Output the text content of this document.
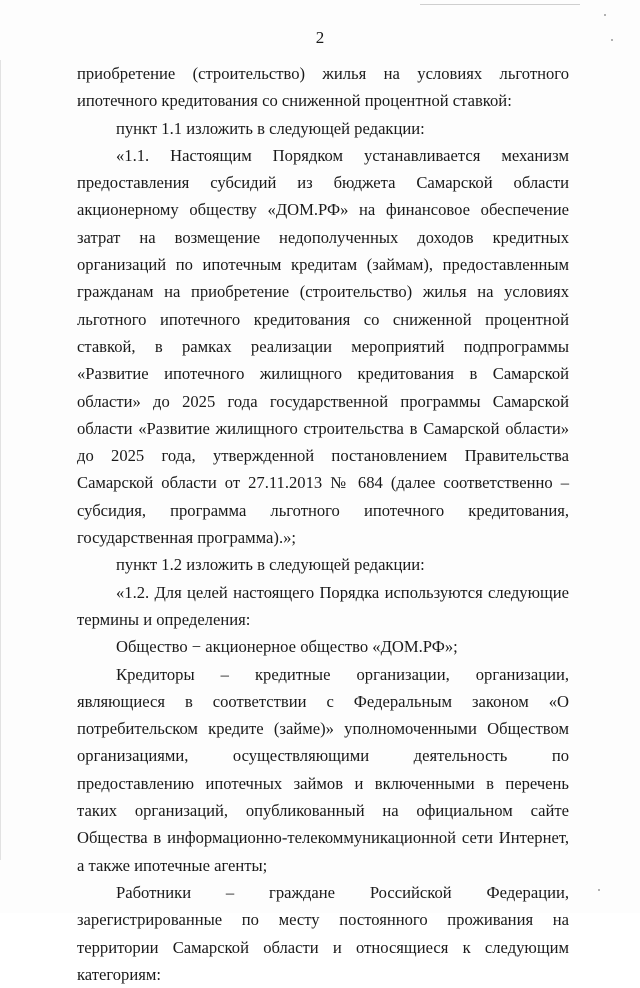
2

приобретение (строительство) жилья на условиях льготного ипотечного кредитования со сниженной процентной ставкой:

пункт 1.1 изложить в следующей редакции:

«1.1. Настоящим Порядком устанавливается механизм предоставления субсидий из бюджета Самарской области акционерному обществу «ДОМ.РФ» на финансовое обеспечение затрат на возмещение недополученных доходов кредитных организаций по ипотечным кредитам (займам), предоставленным гражданам на приобретение (строительство) жилья на условиях льготного ипотечного кредитования со сниженной процентной ставкой, в рамках реализации мероприятий подпрограммы «Развитие ипотечного жилищного кредитования в Самарской области» до 2025 года государственной программы Самарской области «Развитие жилищного строительства в Самарской области» до 2025 года, утвержденной постановлением Правительства Самарской области от 27.11.2013 № 684 (далее соответственно – субсидия, программа льготного ипотечного кредитования, государственная программа).»;

пункт 1.2 изложить в следующей редакции:

«1.2. Для целей настоящего Порядка используются следующие термины и определения:

Общество − акционерное общество «ДОМ.РФ»;

Кредиторы – кредитные организации, организации, являющиеся в соответствии с Федеральным законом «О потребительском кредите (займе)» уполномоченными Обществом организациями, осуществляющими деятельность по предоставлению ипотечных займов и включенными в перечень таких организаций, опубликованный на официальном сайте Общества в информационно-телекоммуникационной сети Интернет, а также ипотечные агенты;

Работники – граждане Российской Федерации, зарегистрированные по месту постоянного проживания на территории Самарской области и относящиеся к следующим категориям:
